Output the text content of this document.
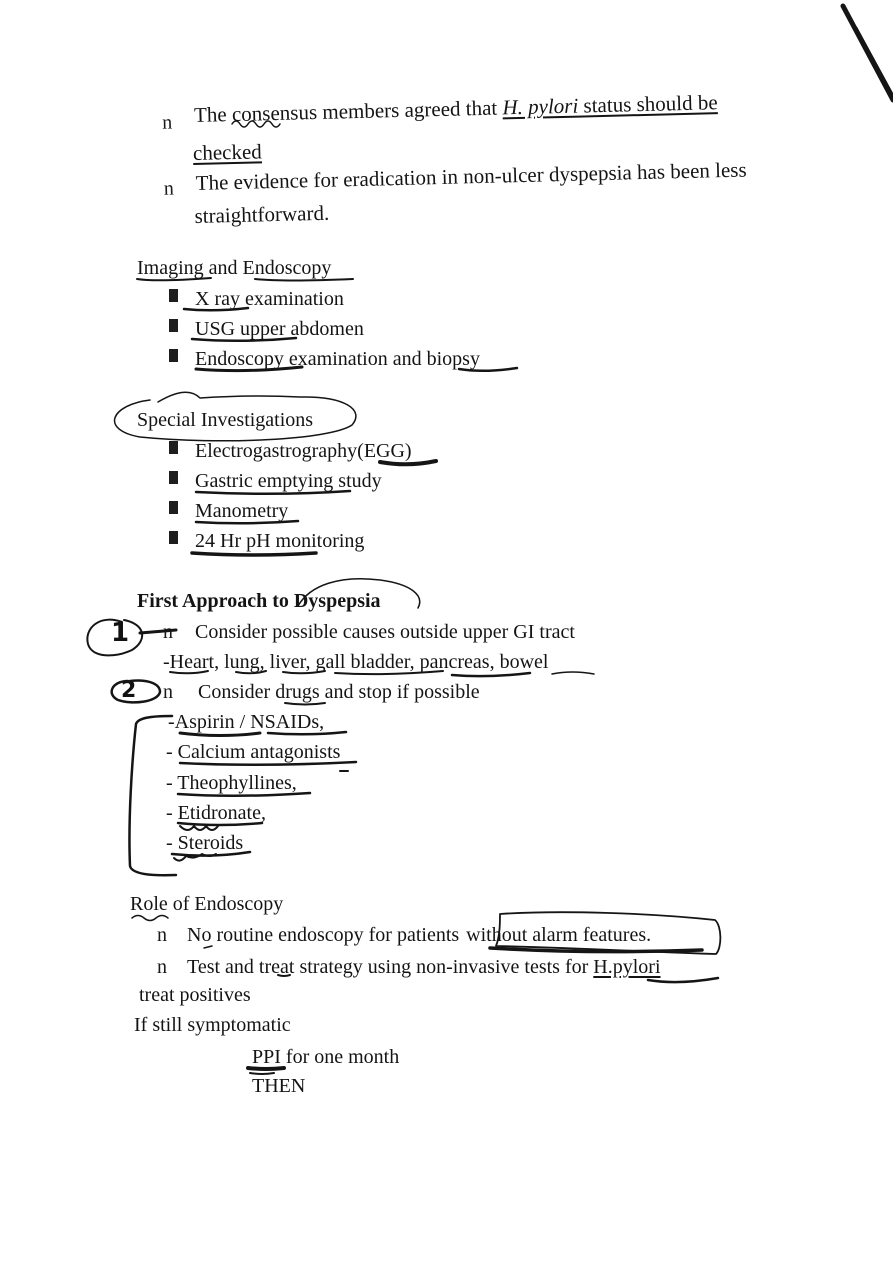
n The consensus members agreed that H. pylori status should be
checked
n The evidence for eradication in non-ulcer dyspepsia has been less
straightforward.
Imaging and Endoscopy
X ray examination
USG upper abdomen
Endoscopy examination and biopsy
Special Investigations
Electrogastrography(EGG)
Gastric emptying study
Manometry
24 Hr pH monitoring
First Approach to Dyspepsia
n Consider possible causes outside upper GI tract
-Heart, lung, liver, gall bladder, pancreas, bowel
n Consider drugs and stop if possible
-Aspirin / NSAIDs,
- Calcium antagonists
- Theophyllines,
- Etidronate,
- Steroids
Role of Endoscopy
n No routine endoscopy for patients without alarm features.
n Test and treat strategy using non-invasive tests for H.pylori
treat positives
If still symptomatic
PPI for one month
THEN
1
2
